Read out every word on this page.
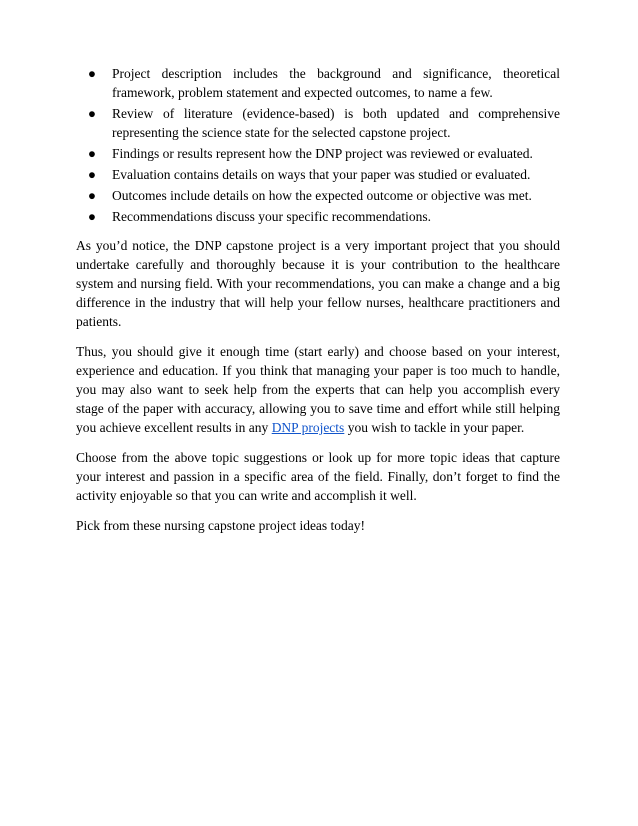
● Project description includes the background and significance, theoretical framework, problem statement and expected outcomes, to name a few.
● Review of literature (evidence-based) is both updated and comprehensive representing the science state for the selected capstone project.
● Findings or results represent how the DNP project was reviewed or evaluated.
● Evaluation contains details on ways that your paper was studied or evaluated.
● Outcomes include details on how the expected outcome or objective was met.
● Recommendations discuss your specific recommendations.

As you’d notice, the DNP capstone project is a very important project that you should undertake carefully and thoroughly because it is your contribution to the healthcare system and nursing field. With your recommendations, you can make a change and a big difference in the industry that will help your fellow nurses, healthcare practitioners and patients.

Thus, you should give it enough time (start early) and choose based on your interest, experience and education. If you think that managing your paper is too much to handle, you may also want to seek help from the experts that can help you accomplish every stage of the paper with accuracy, allowing you to save time and effort while still helping you achieve excellent results in any DNP projects you wish to tackle in your paper.

Choose from the above topic suggestions or look up for more topic ideas that capture your interest and passion in a specific area of the field. Finally, don’t forget to find the activity enjoyable so that you can write and accomplish it well.

Pick from these nursing capstone project ideas today!
